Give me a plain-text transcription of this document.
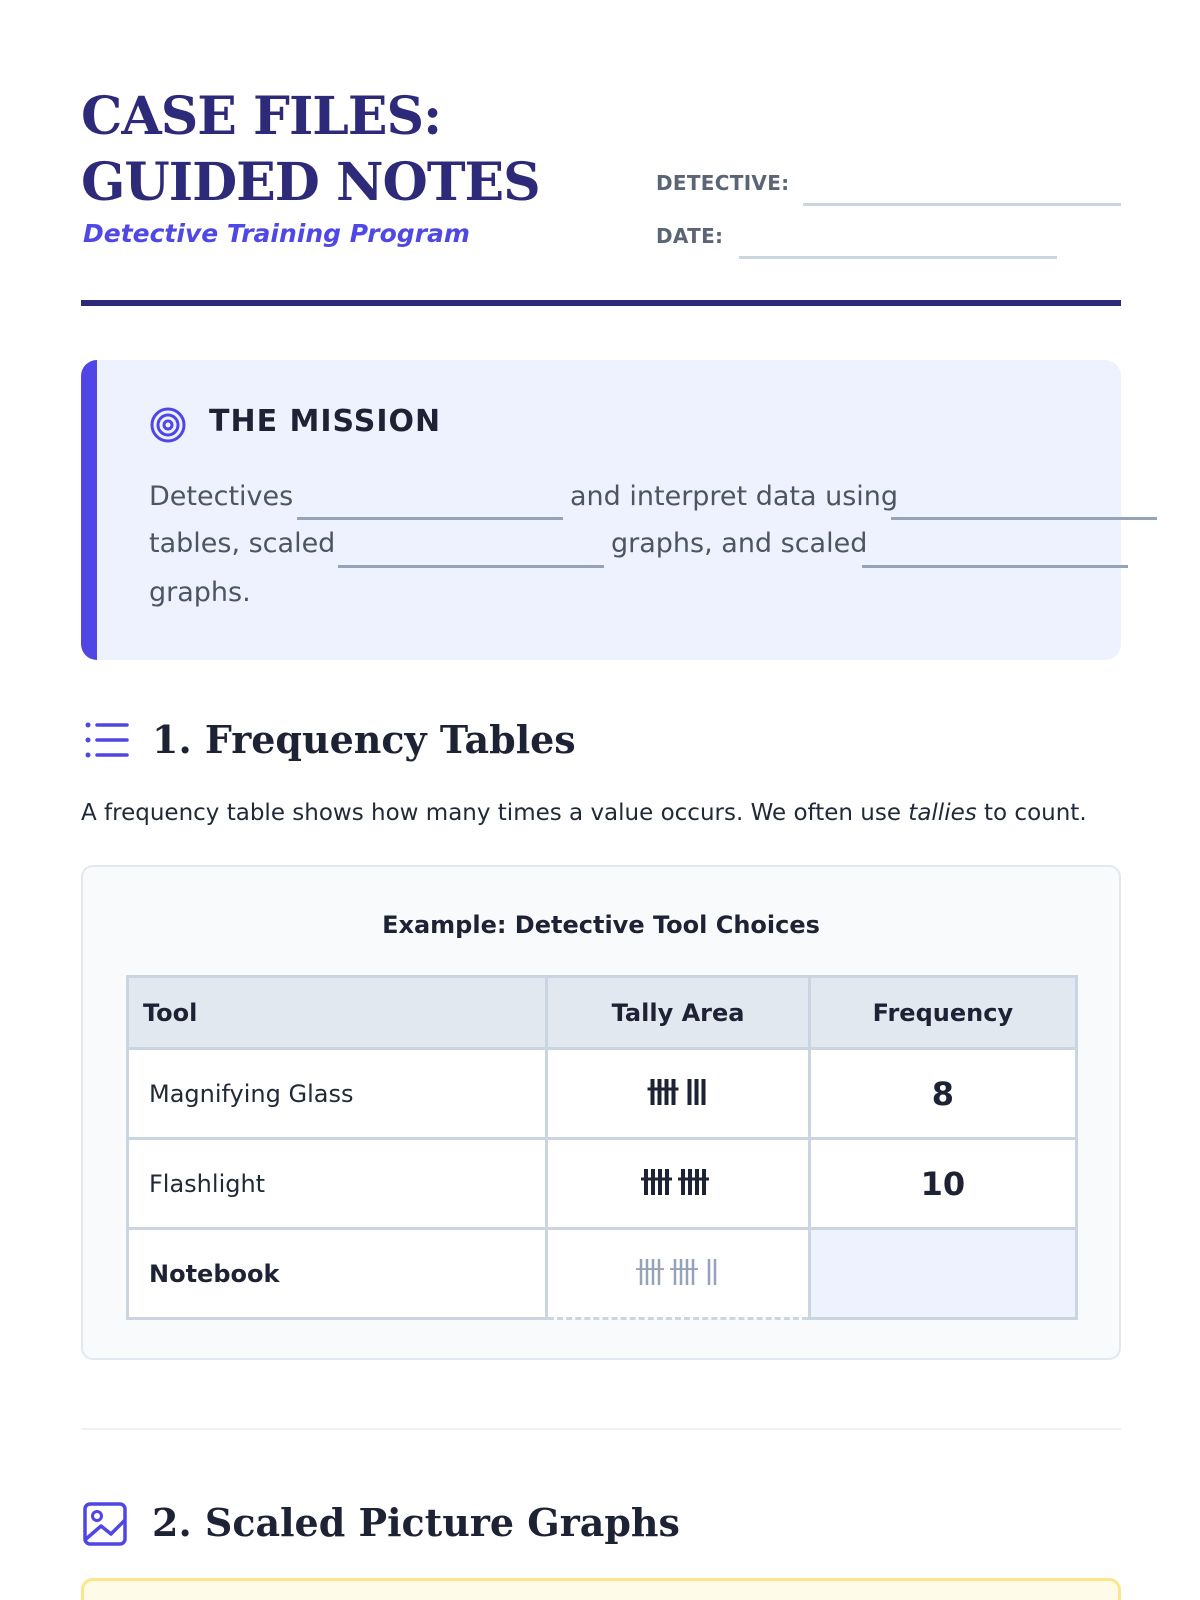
CASE FILES:
GUIDED NOTES
Detective Training Program
DETECTIVE:
DATE:
THE MISSION
Detectives	and interpret data using
tables, scaled	graphs, and scaled
graphs.
1. Frequency Tables
A frequency table shows how many times a value occurs. We often use tallies to count.
Example: Detective Tool Choices
Tool	Tally Area	Frequency
Magnifying Glass		8
Flashlight		10
Notebook		
2. Scaled Picture Graphs
